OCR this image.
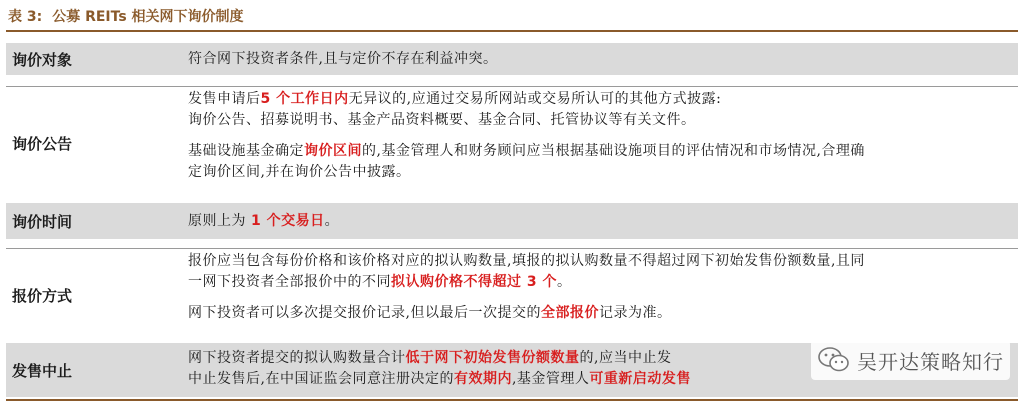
表 3: 公募 REITs 相关网下询价制度
询价对象	符合网下投资者条件,且与定价不存在利益冲突。

询价公告

发售申请后5 个工作日内无异议的,应通过交易所网站或交易所认可的其他方式披露:

询价公告、招募说明书、基金产品资料概要、基金合同、托管协议等有关文件。

基础设施基金确定询价区间的,基金管理人和财务顾问应当根据基础设施项目的评估情况和市场情况,合理确

定询价区间,并在询价公告中披露。

询价时间	原则上为 1 个交易日。

报价方式

报价应当包含每份价格和该价格对应的拟认购数量,填报的拟认购数量不得超过网下初始发售份额数量,且同

一网下投资者全部报价中的不同拟认购价格不得超过 3 个。

网下投资者可以多次提交报价记录,但以最后一次提交的全部报价记录为准。

发售中止

网下投资者提交的拟认购数量合计低于网下初始发售份额数量的,应当中止发

中止发售后,在中国证监会同意注册决定的有效期内,基金管理人可重新启动发售

吴开达策略知行
